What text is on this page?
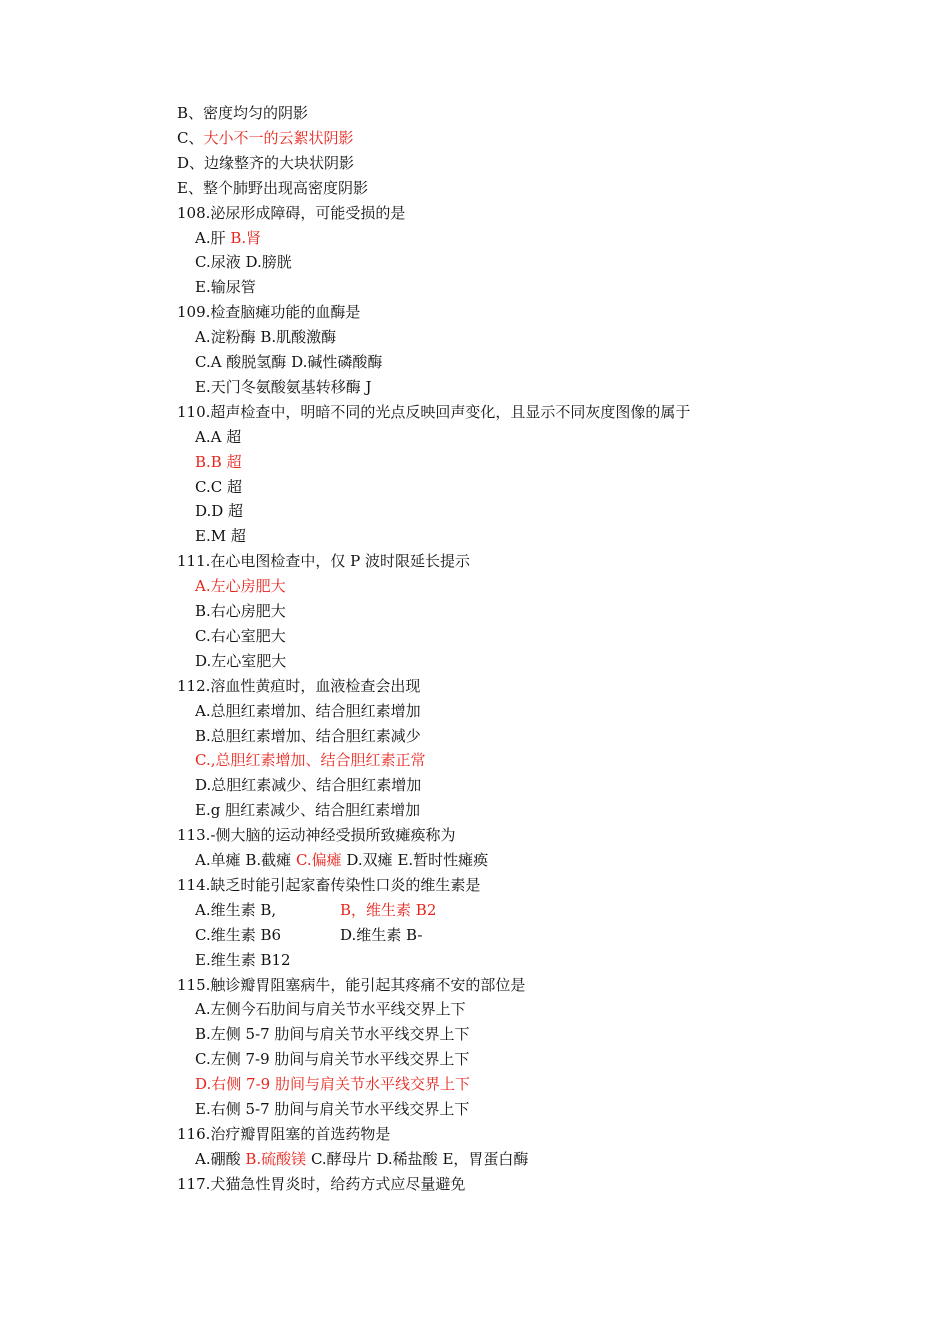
B、密度均匀的阴影
C、大小不一的云絮状阴影
D、边缘整齐的大块状阴影
E、整个肺野出现高密度阴影
108.泌尿形成障碍，可能受损的是
A.肝 B.肾
C.尿液 D.膀胱
E.输尿管
109.检查脑瘫功能的血酶是
A.淀粉酶 B.肌酸激酶
C.A 酸脱氢酶 D.碱性磷酸酶
E.天门冬氨酸氨基转移酶 J
110.超声检查中，明暗不同的光点反映回声变化，且显示不同灰度图像的属于
A.A 超
B.B 超
C.C 超
D.D 超
E.M 超
111.在心电图检查中，仅 P 波时限延长提示
A.左心房肥大
B.右心房肥大
C.右心室肥大
D.左心室肥大
112.溶血性黄疸时，血液检查会出现
A.总胆红素增加、结合胆红素增加
B.总胆红素增加、结合胆红素减少
C.,总胆红素增加、结合胆红素正常
D.总胆红素减少、结合胆红素增加
E.g 胆红素减少、结合胆红素增加
113.-侧大脑的运动神经受损所致瘫痪称为
A.单瘫 B.截瘫 C.偏瘫 D.双瘫 E.暂时性瘫痪
114.缺乏时能引起家畜传染性口炎的维生素是
A.维生素 B,	B，维生素 B2
C.维生素 B6	D.维生素 B-
E.维生素 B12
115.触诊瓣胃阻塞病牛，能引起其疼痛不安的部位是
A.左侧今石肋间与肩关节水平线交界上下
B.左侧 5-7 肋间与肩关节水平线交界上下
C.左侧 7-9 肋间与肩关节水平线交界上下
D.右侧 7-9 肋间与肩关节水平线交界上下
E.右侧 5-7 肋间与肩关节水平线交界上下
116.治疗瓣胃阻塞的首选药物是
A.硼酸 B.硫酸镁 C.酵母片 D.稀盐酸 E，胃蛋白酶
117.犬猫急性胃炎时，给药方式应尽量避免
